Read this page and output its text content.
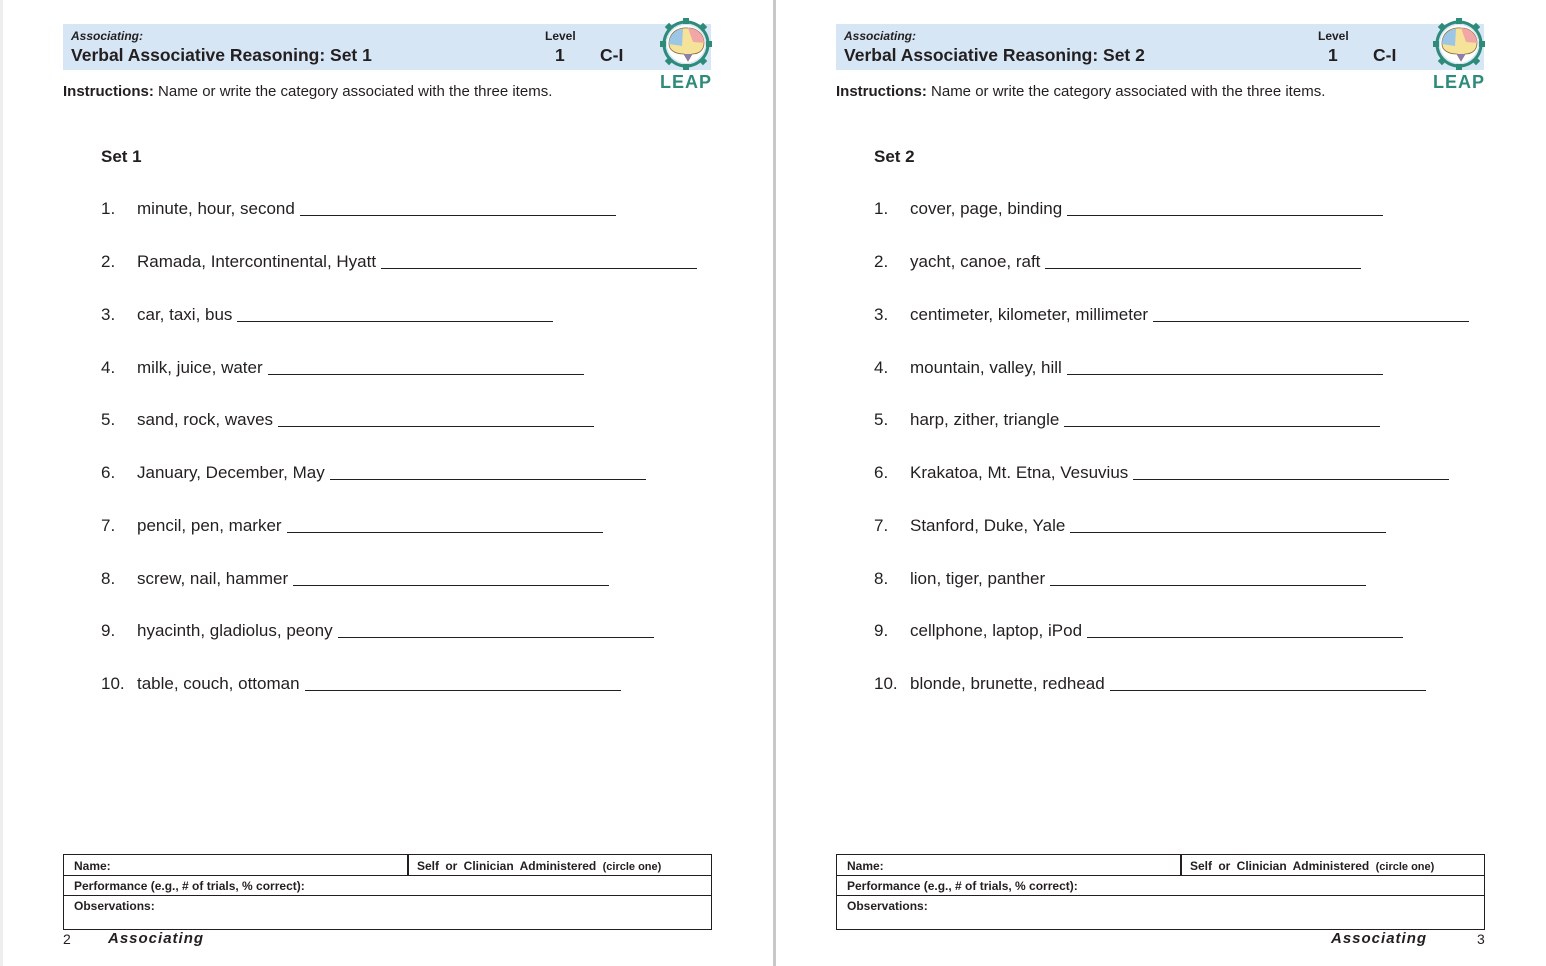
Associating:
Verbal Associative Reasoning: Set 1
Level
1 C-I
LEAP
Instructions: Name or write the category associated with the three items.
Set 1
1. minute, hour, second
2. Ramada, Intercontinental, Hyatt
3. car, taxi, bus
4. milk, juice, water
5. sand, rock, waves
6. January, December, May
7. pencil, pen, marker
8. screw, nail, hammer
9. hyacinth, gladiolus, peony
10. table, couch, ottoman
Name:	Self or Clinician Administered (circle one)
Performance (e.g., # of trials, % correct):
Observations:
2 Associating
Associating:
Verbal Associative Reasoning: Set 2
Level
1 C-I
LEAP
Instructions: Name or write the category associated with the three items.
Set 2
1. cover, page, binding
2. yacht, canoe, raft
3. centimeter, kilometer, millimeter
4. mountain, valley, hill
5. harp, zither, triangle
6. Krakatoa, Mt. Etna, Vesuvius
7. Stanford, Duke, Yale
8. lion, tiger, panther
9. cellphone, laptop, iPod
10. blonde, brunette, redhead
Name:	Self or Clinician Administered (circle one)
Performance (e.g., # of trials, % correct):
Observations:
Associating	3
